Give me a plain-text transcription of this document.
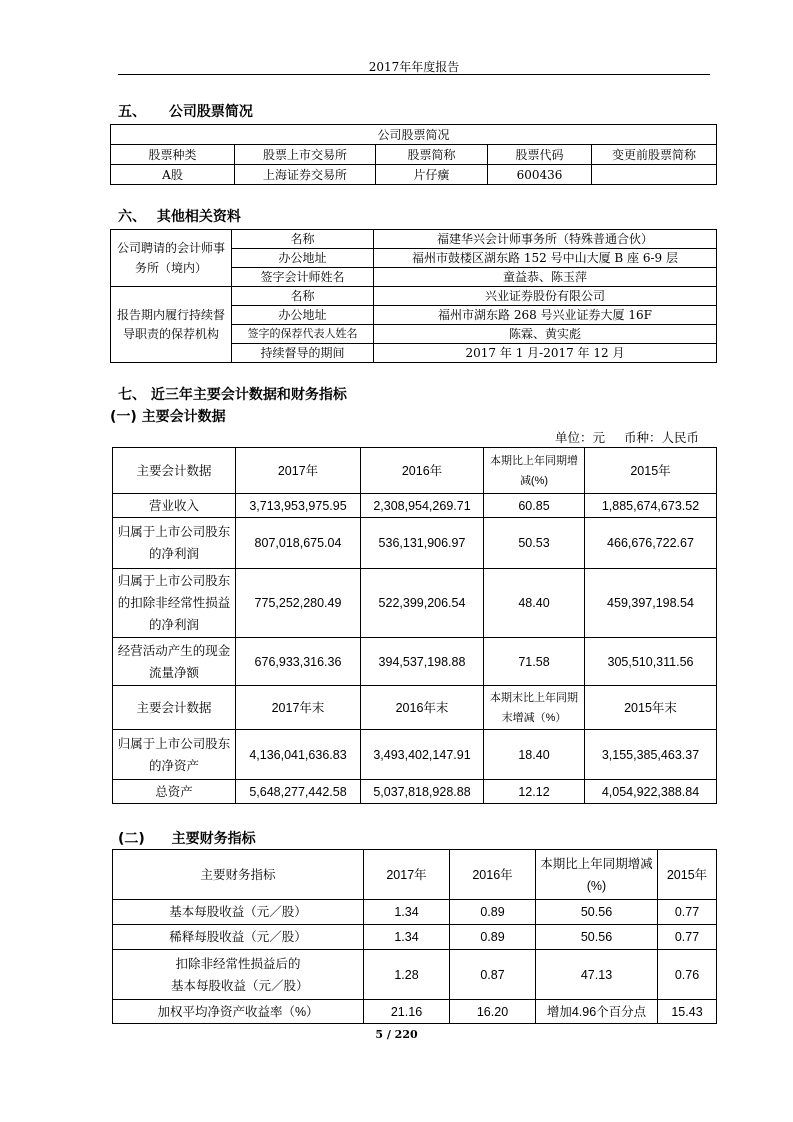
2017年年度报告
五、 公司股票简况
公司股票简况				
股票种类	股票上市交易所	股票简称	股票代码	变更前股票简称
A股	上海证券交易所	片仔癀	600436	
六、 其他相关资料
公司聘请的会计师事务所（境内）	名称	福建华兴会计师事务所（特殊普通合伙）
	办公地址	福州市鼓楼区湖东路 152 号中山大厦 B 座 6-9 层
	签字会计师姓名	童益恭、陈玉萍
报告期内履行持续督导职责的保荐机构	名称	兴业证券股份有限公司
	办公地址	福州市湖东路 268 号兴业证券大厦 16F
	签字的保荐代表人姓名	陈霖、黄实彪
	持续督导的期间	2017 年 1 月-2017 年 12 月
七、 近三年主要会计数据和财务指标
(一) 主要会计数据
单位：元 币种：人民币
主要会计数据	2017年	2016年	本期比上年同期增减(%)	2015年
营业收入	3,713,953,975.95	2,308,954,269.71	60.85	1,885,674,673.52
归属于上市公司股东的净利润	807,018,675.04	536,131,906.97	50.53	466,676,722.67
归属于上市公司股东的扣除非经常性损益的净利润	775,252,280.49	522,399,206.54	48.40	459,397,198.54
经营活动产生的现金流量净额	676,933,316.36	394,537,198.88	71.58	305,510,311.56
主要会计数据	2017年末	2016年末	本期末比上年同期末增减（%）	2015年末
归属于上市公司股东的净资产	4,136,041,636.83	3,493,402,147.91	18.40	3,155,385,463.37
总资产	5,648,277,442.58	5,037,818,928.88	12.12	4,054,922,388.84
(二) 主要财务指标
主要财务指标	2017年	2016年	本期比上年同期增减(%)	2015年
基本每股收益（元／股）	1.34	0.89	50.56	0.77
稀释每股收益（元／股）	1.34	0.89	50.56	0.77
扣除非经常性损益后的基本每股收益（元／股）	1.28	0.87	47.13	0.76
加权平均净资产收益率（%）	21.16	16.20	增加4.96个百分点	15.43
5 / 220
